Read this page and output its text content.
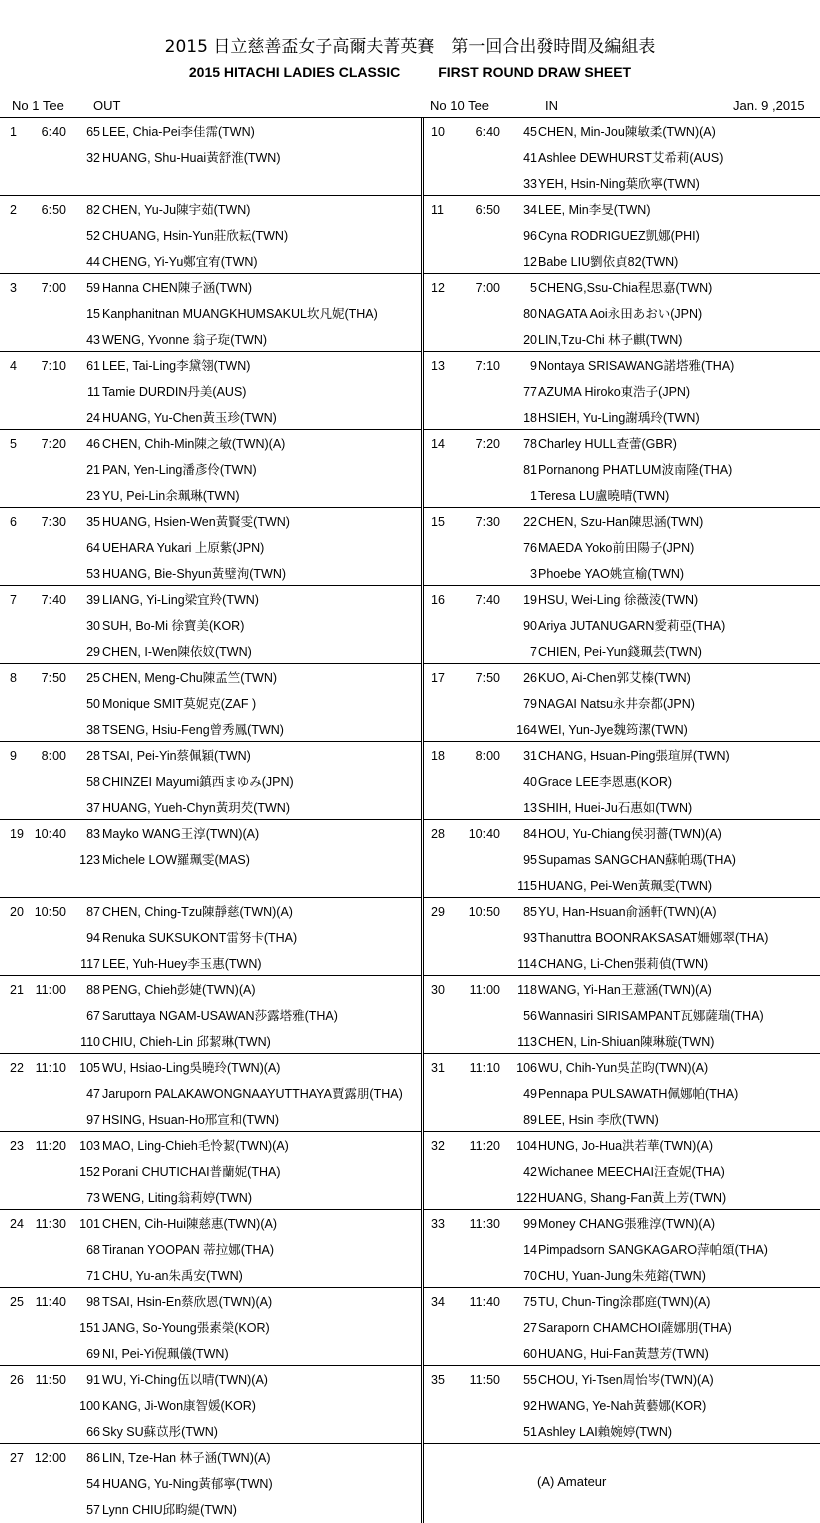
2015 日立慈善盃女子高爾夫菁英賽　第一回合出發時間及編組表
2015 HITACHI LADIES CLASSIC	FIRST ROUND DRAW SHEET
No 1 Tee OUT	No 10 Tee	IN	Jan. 9 ,2015
1	6:40	65 LEE, Chia-Pei李佳霈(TWN)
32 HUANG, Shu-Huai黃舒淮(TWN)
2	6:50	82 CHEN, Yu-Ju陳宇茹(TWN)
52 CHUANG, Hsin-Yun莊欣耘(TWN)
44 CHENG, Yi-Yu鄭宜宥(TWN)
3	7:00	59 Hanna CHEN陳子涵(TWN)
15 Kanphanitnan MUANGKHUMSAKUL坎凡妮(THA)
43 WENG, Yvonne 翁子琁(TWN)
4	7:10	61 LEE, Tai-Ling李黛翎(TWN)
11 Tamie DURDIN丹美(AUS)
24 HUANG, Yu-Chen黃玉珍(TWN)
5	7:20	46 CHEN, Chih-Min陳之敏(TWN)(A)
21 PAN, Yen-Ling潘彥伶(TWN)
23 YU, Pei-Lin余珮琳(TWN)
6	7:30	35 HUANG, Hsien-Wen黃賢雯(TWN)
64 UEHARA Yukari 上原紫(JPN)
53 HUANG, Bie-Shyun黃璧洵(TWN)
7	7:40	39 LIANG, Yi-Ling梁宜羚(TWN)
30 SUH, Bo-Mi 徐寶美(KOR)
29 CHEN, I-Wen陳依妏(TWN)
8	7:50	25 CHEN, Meng-Chu陳孟竺(TWN)
50 Monique SMIT莫妮克(ZAF )
38 TSENG, Hsiu-Feng曾秀鳳(TWN)
9	8:00	28 TSAI, Pei-Yin蔡佩穎(TWN)
58 CHINZEI Mayumi鎮西まゆみ(JPN)
37 HUANG, Yueh-Chyn黃玥芡(TWN)
19 10:40	83 Mayko WANG王淳(TWN)(A)
123 Michele LOW羅珮雯(MAS)
20 10:50	87 CHEN, Ching-Tzu陳靜慈(TWN)(A)
94 Renuka SUKSUKONT雷努卡(THA)
117 LEE, Yuh-Huey李玉惠(TWN)
21 11:00	88 PENG, Chieh彭婕(TWN)(A)
67 Saruttaya NGAM-USAWAN莎露塔雅(THA)
110 CHIU, Chieh-Lin 邱絜琳(TWN)
22 11:10	105 WU, Hsiao-Ling吳曉玲(TWN)(A)
47 Jaruporn PALAKAWONGNAAYUTTHAYA賈露朋(THA)
97 HSING, Hsuan-Ho邢宣和(TWN)
23 11:20	103 MAO, Ling-Chieh毛怜絜(TWN)(A)
152 Porani CHUTICHAI普蘭妮(THA)
73 WENG, Liting翁莉婷(TWN)
24 11:30	101 CHEN, Cih-Hui陳慈惠(TWN)(A)
68 Tiranan YOOPAN 蒂拉娜(THA)
71 CHU, Yu-an朱禹安(TWN)
25 11:40	98 TSAI, Hsin-En蔡欣恩(TWN)(A)
151 JANG, So-Young張素榮(KOR)
69 NI, Pei-Yi倪珮儀(TWN)
26 11:50	91 WU, Yi-Ching伍以晴(TWN)(A)
100 KANG, Ji-Won康智媛(KOR)
66 Sky SU蘇苡彤(TWN)
27 12:00	86 LIN, Tze-Han 林子涵(TWN)(A)
54 HUANG, Yu-Ning黃郁寧(TWN)
57 Lynn CHIU邱畇緹(TWN)
10	6:40	45 CHEN, Min-Jou陳敏柔(TWN)(A)
41 Ashlee DEWHURST艾希莉(AUS)
33 YEH, Hsin-Ning葉欣寧(TWN)
11	6:50	34 LEE, Min李旻(TWN)
96 Cyna RODRIGUEZ凱娜(PHI)
12 Babe LIU劉依貞82(TWN)
12	7:00	5 CHENG,Ssu-Chia程思嘉(TWN)
80 NAGATA Aoi永田あおい(JPN)
20 LIN,Tzu-Chi 林子麒(TWN)
13	7:10	9 Nontaya SRISAWANG諾塔雅(THA)
77 AZUMA Hiroko東浩子(JPN)
18 HSIEH, Yu-Ling謝瑀玲(TWN)
14	7:20	78 Charley HULL查蕾(GBR)
81 Pornanong PHATLUM波南隆(THA)
1 Teresa LU盧曉晴(TWN)
15	7:30	22 CHEN, Szu-Han陳思涵(TWN)
76 MAEDA Yoko前田陽子(JPN)
3 Phoebe YAO姚宣榆(TWN)
16	7:40	19 HSU, Wei-Ling 徐薇淩(TWN)
90 Ariya JUTANUGARN愛莉亞(THA)
7 CHIEN, Pei-Yun錢珮芸(TWN)
17	7:50	26 KUO, Ai-Chen郭艾榛(TWN)
79 NAGAI Natsu永井奈都(JPN)
164 WEI, Yun-Jye魏筠潔(TWN)
18	8:00	31 CHANG, Hsuan-Ping張瑄屏(TWN)
40 Grace LEE李恩惠(KOR)
13 SHIH, Huei-Ju石惠如(TWN)
28	10:40	84 HOU, Yu-Chiang侯羽薔(TWN)(A)
95 Supamas SANGCHAN蘇帕瑪(THA)
115 HUANG, Pei-Wen黃珮雯(TWN)
29	10:50	85 YU, Han-Hsuan俞涵軒(TWN)(A)
93 Thanuttra BOONRAKSASAT姍娜翠(THA)
114 CHANG, Li-Chen張莉偵(TWN)
30	11:00	118 WANG, Yi-Han王薏涵(TWN)(A)
56 Wannasiri SIRISAMPANT瓦娜薩瑞(THA)
113 CHEN, Lin-Shiuan陳琳璇(TWN)
31	11:10	106 WU, Chih-Yun吳芷昀(TWN)(A)
49 Pennapa PULSAWATH佩娜帕(THA)
89 LEE, Hsin 李欣(TWN)
32	11:20	104 HUNG, Jo-Hua洪若華(TWN)(A)
42 Wichanee MEECHAI汪查妮(THA)
122 HUANG, Shang-Fan黃上芳(TWN)
33	11:30	99 Money CHANG張雅淳(TWN)(A)
14 Pimpadsorn SANGKAGARO萍帕頌(THA)
70 CHU, Yuan-Jung朱苑鎔(TWN)
34	11:40	75 TU, Chun-Ting涂郡庭(TWN)(A)
27 Saraporn CHAMCHOI薩娜朋(THA)
60 HUANG, Hui-Fan黃慧芳(TWN)
35	11:50	55 CHOU, Yi-Tsen周怡岑(TWN)(A)
92 HWANG, Ye-Nah黃藝娜(KOR)
51 Ashley LAI賴婉婷(TWN)
(A) Amateur
